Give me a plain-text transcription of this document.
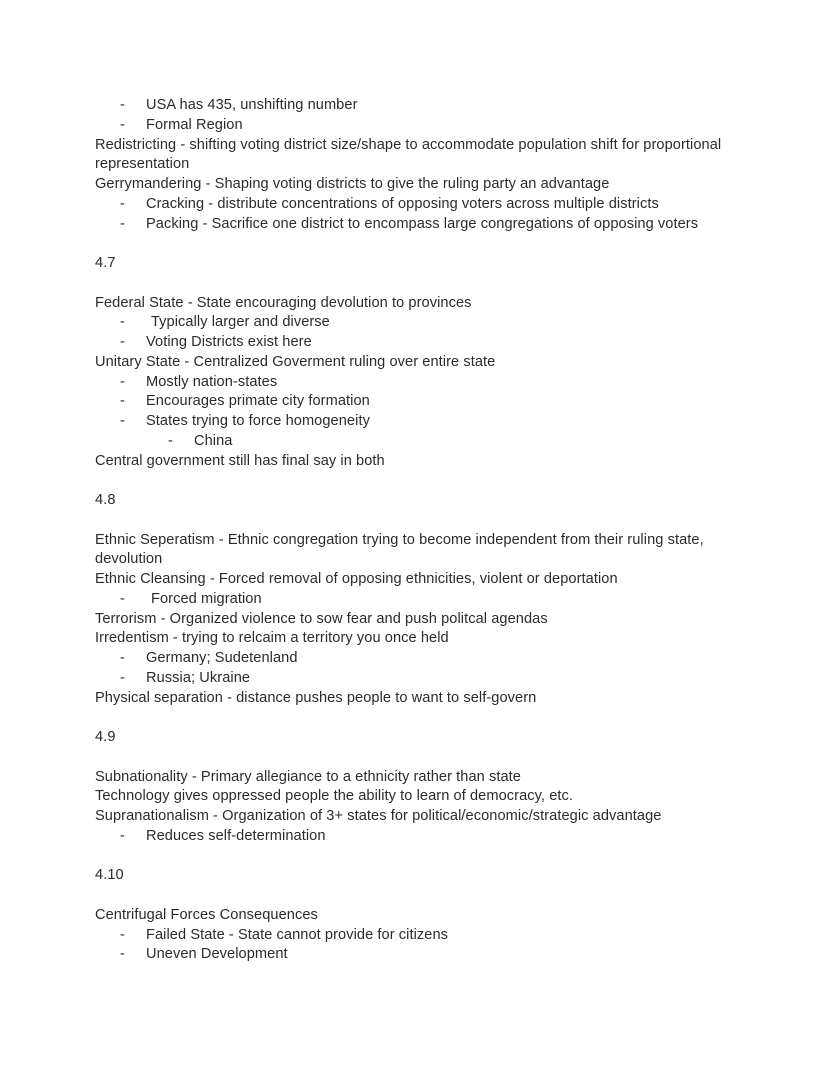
-	USA has 435, unshifting number
-	Formal Region
Redistricting - shifting voting district size/shape to accommodate population shift for proportional representation
Gerrymandering - Shaping voting districts to give the ruling party an advantage
-	Cracking - distribute concentrations of opposing voters across multiple districts
-	Packing - Sacrifice one district to encompass large congregations of opposing voters
4.7
Federal State - State encouraging devolution to provinces
-	Typically larger and diverse
-	Voting Districts exist here
Unitary State - Centralized Goverment ruling over entire state
-	Mostly nation-states
-	Encourages primate city formation
-	States trying to force homogeneity
-	China
Central government still has final say in both
4.8
Ethnic Seperatism - Ethnic congregation trying to become independent from their ruling state, devolution
Ethnic Cleansing - Forced removal of opposing ethnicities, violent or deportation
-	Forced migration
Terrorism - Organized violence to sow fear and push politcal agendas
Irredentism - trying to relcaim a territory you once held
-	Germany; Sudetenland
-	Russia; Ukraine
Physical separation - distance pushes people to want to self-govern
4.9
Subnationality - Primary allegiance to a ethnicity rather than state
Technology gives oppressed people the ability to learn of democracy, etc.
Supranationalism - Organization of 3+ states for political/economic/strategic advantage
-	Reduces self-determination
4.10
Centrifugal Forces Consequences
-	Failed State - State cannot provide for citizens
-	Uneven Development
